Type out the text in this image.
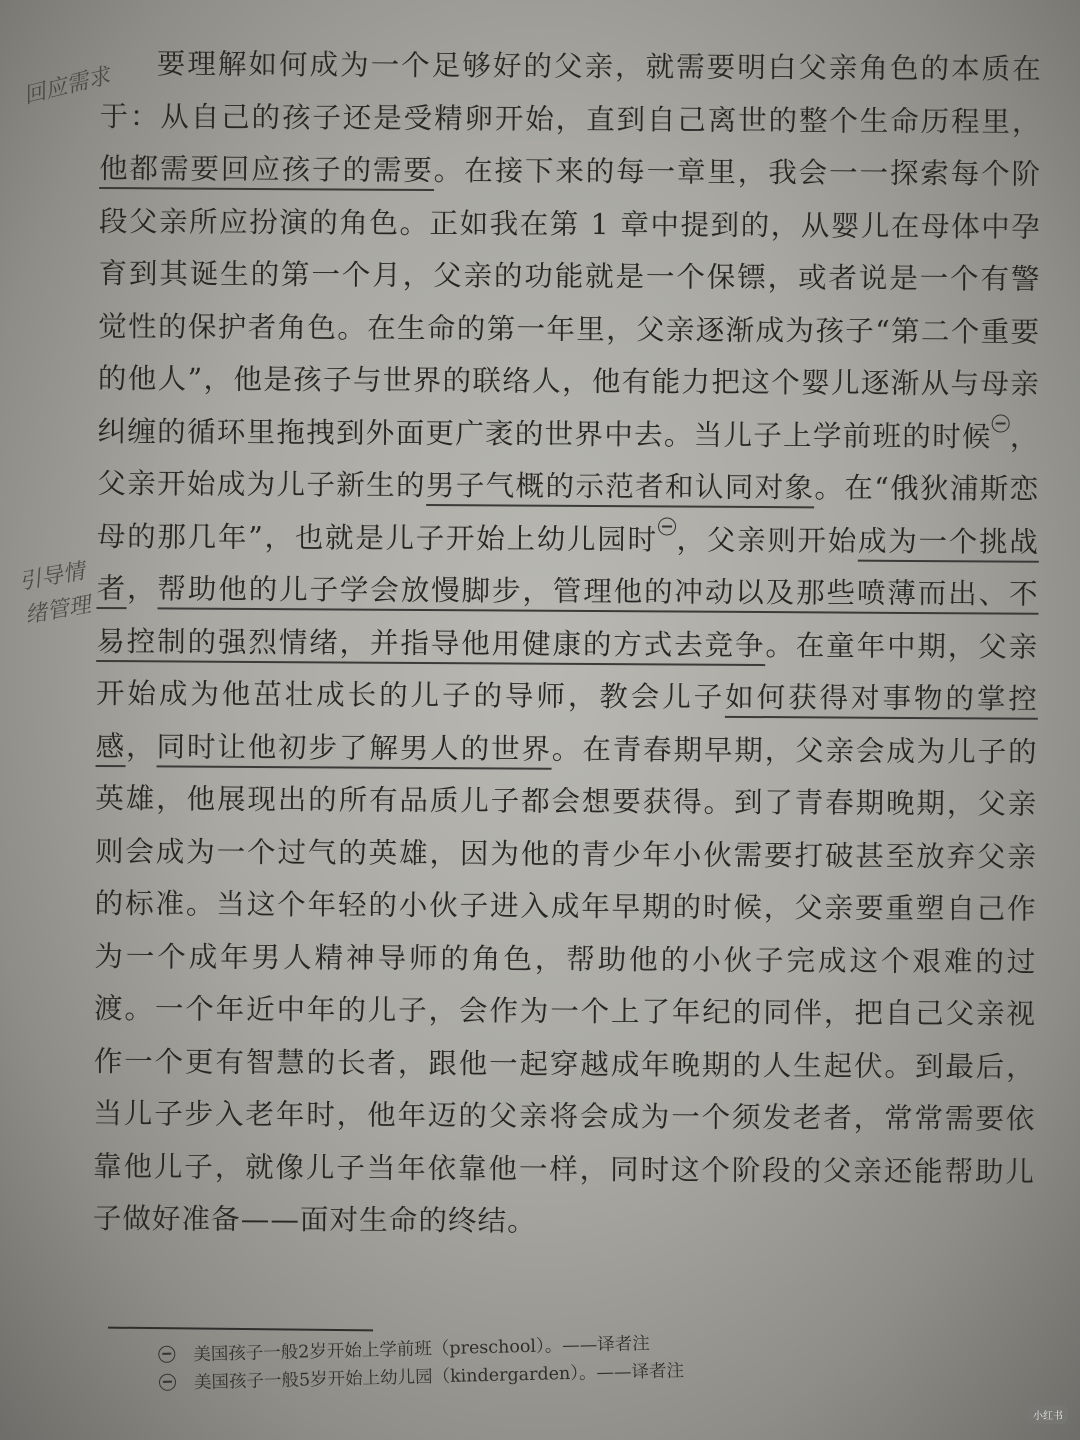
要理解如何成为一个足够好的父亲，就需要明白父亲角色的本质在于：从自己的孩子还是受精卵开始，直到自己离世的整个生命历程里，他都需要回应孩子的需要。在接下来的每一章里，我会一一探索每个阶段父亲所应扮演的角色。正如我在第 1 章中提到的，从婴儿在母体中孕育到其诞生的第一个月，父亲的功能就是一个保镖，或者说是一个有警觉性的保护者角色。在生命的第一年里，父亲逐渐成为孩子“第二个重要的他人”，他是孩子与世界的联络人，他有能力把这个婴儿逐渐从与母亲纠缠的循环里拖拽到外面更广袤的世界中去。当儿子上学前班的时候 ，父亲开始成为儿子新生的男子气概的示范者和认同对象。在“俄狄浦斯恋母的那几年”，也就是儿子开始上幼儿园时 ，父亲则开始成为一个挑战者，帮助他的儿子学会放慢脚步，管理他的冲动以及那些喷薄而出、不易控制的强烈情绪，并指导他用健康的方式去竞争。在童年中期，父亲开始成为他茁壮成长的儿子的导师，教会儿子如何获得对事物的掌控感，同时让他初步了解男人的世界。在青春期早期，父亲会成为儿子的英雄，他展现出的所有品质儿子都会想要获得。到了青春期晚期，父亲则会成为一个过气的英雄，因为他的青少年小伙需要打破甚至放弃父亲的标准。当这个年轻的小伙子进入成年早期的时候，父亲要重塑自己作为一个成年男人精神导师的角色，帮助他的小伙子完成这个艰难的过渡。一个年近中年的儿子，会作为一个上了年纪的同伴，把自己父亲视作一个更有智慧的长者，跟他一起穿越成年晚期的人生起伏。到最后，当儿子步入老年时，他年迈的父亲将会成为一个须发老者，常常需要依靠他儿子，就像儿子当年依靠他一样，同时这个阶段的父亲还能帮助儿子做好准备——面对生命的终结。

回应需求
引导情绪管理
美国孩子一般2岁开始上学前班（preschool）。——译者注
美国孩子一般5岁开始上幼儿园（kindergarden）。——译者注
小红书
